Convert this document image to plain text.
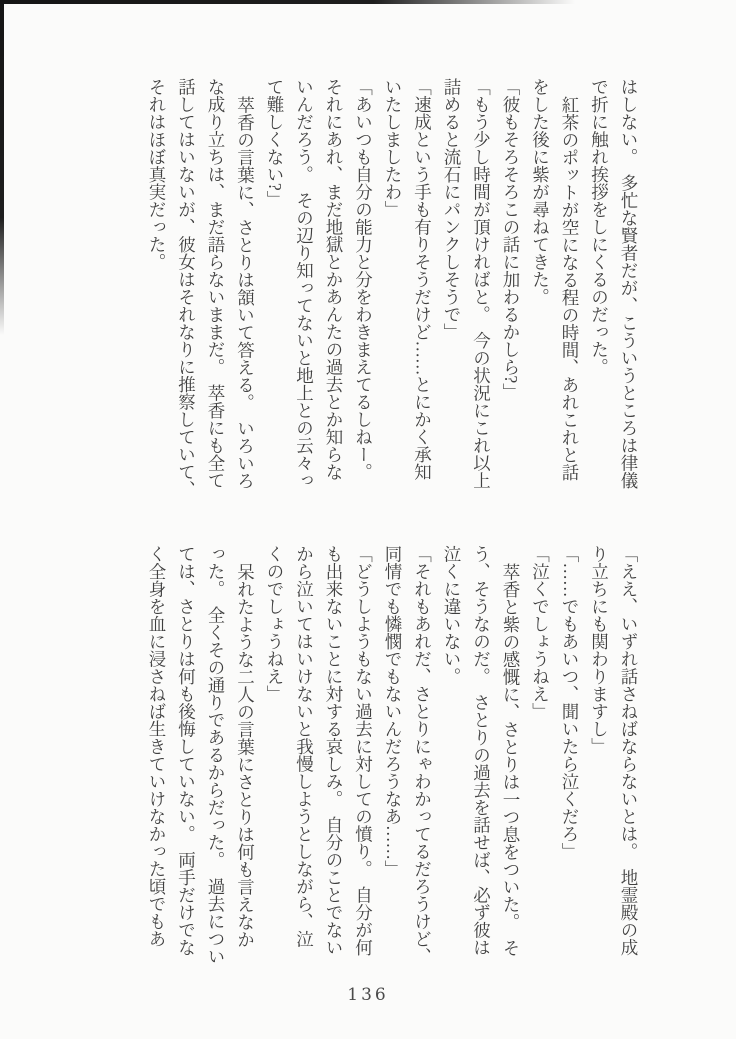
はしない。　多忙な賢者だが、こういうところは律儀
で折に触れ挨拶をしにくるのだった。
紅茶のポットが空になる程の時間、あれこれと話
をした後に紫が尋ねてきた。
「彼もそろそろこの話に加わるかしら?」
「もう少し時間が頂ければと。　今の状況にこれ以上
詰めると流石にパンクしそうで」
「速成という手も有りそうだけど……とにかく承知
いたしましたわ」
「あいつも自分の能力と分をわきまえてるしねー。
それにあれ、まだ地獄とかあんたの過去とか知らな
いんだろう。　その辺り知ってないと地上との云々っ
て難しくない?」
萃香の言葉に、さとりは頷いて答える。　いろいろ
な成り立ちは、まだ語らないままだ。　萃香にも全て
話してはいないが、彼女はそれなりに推察していて、
それはほぼ真実だった。
「ええ、いずれ話さねばならないとは。　地霊殿の成
り立ちにも関わりますし」
「……でもあいつ、聞いたら泣くだろ」
「泣くでしょうねえ」
萃香と紫の感慨に、さとりは一つ息をついた。　そ
う、そうなのだ。　さとりの過去を話せば、必ず彼は
泣くに違いない。
「それもあれだ、さとりにゃわかってるだろうけど、
同情でも憐憫でもないんだろうなあ……」
「どうしようもない過去に対しての憤り。　自分が何
も出来ないことに対する哀しみ。　自分のことでない
から泣いてはいけないと我慢しようとしながら、泣
くのでしょうねえ」
呆れたような二人の言葉にさとりは何も言えなか
った。　全くその通りであるからだった。　過去につい
ては、さとりは何も後悔していない。　両手だけでな
く全身を血に浸さねば生きていけなかった頃でもあ
136
